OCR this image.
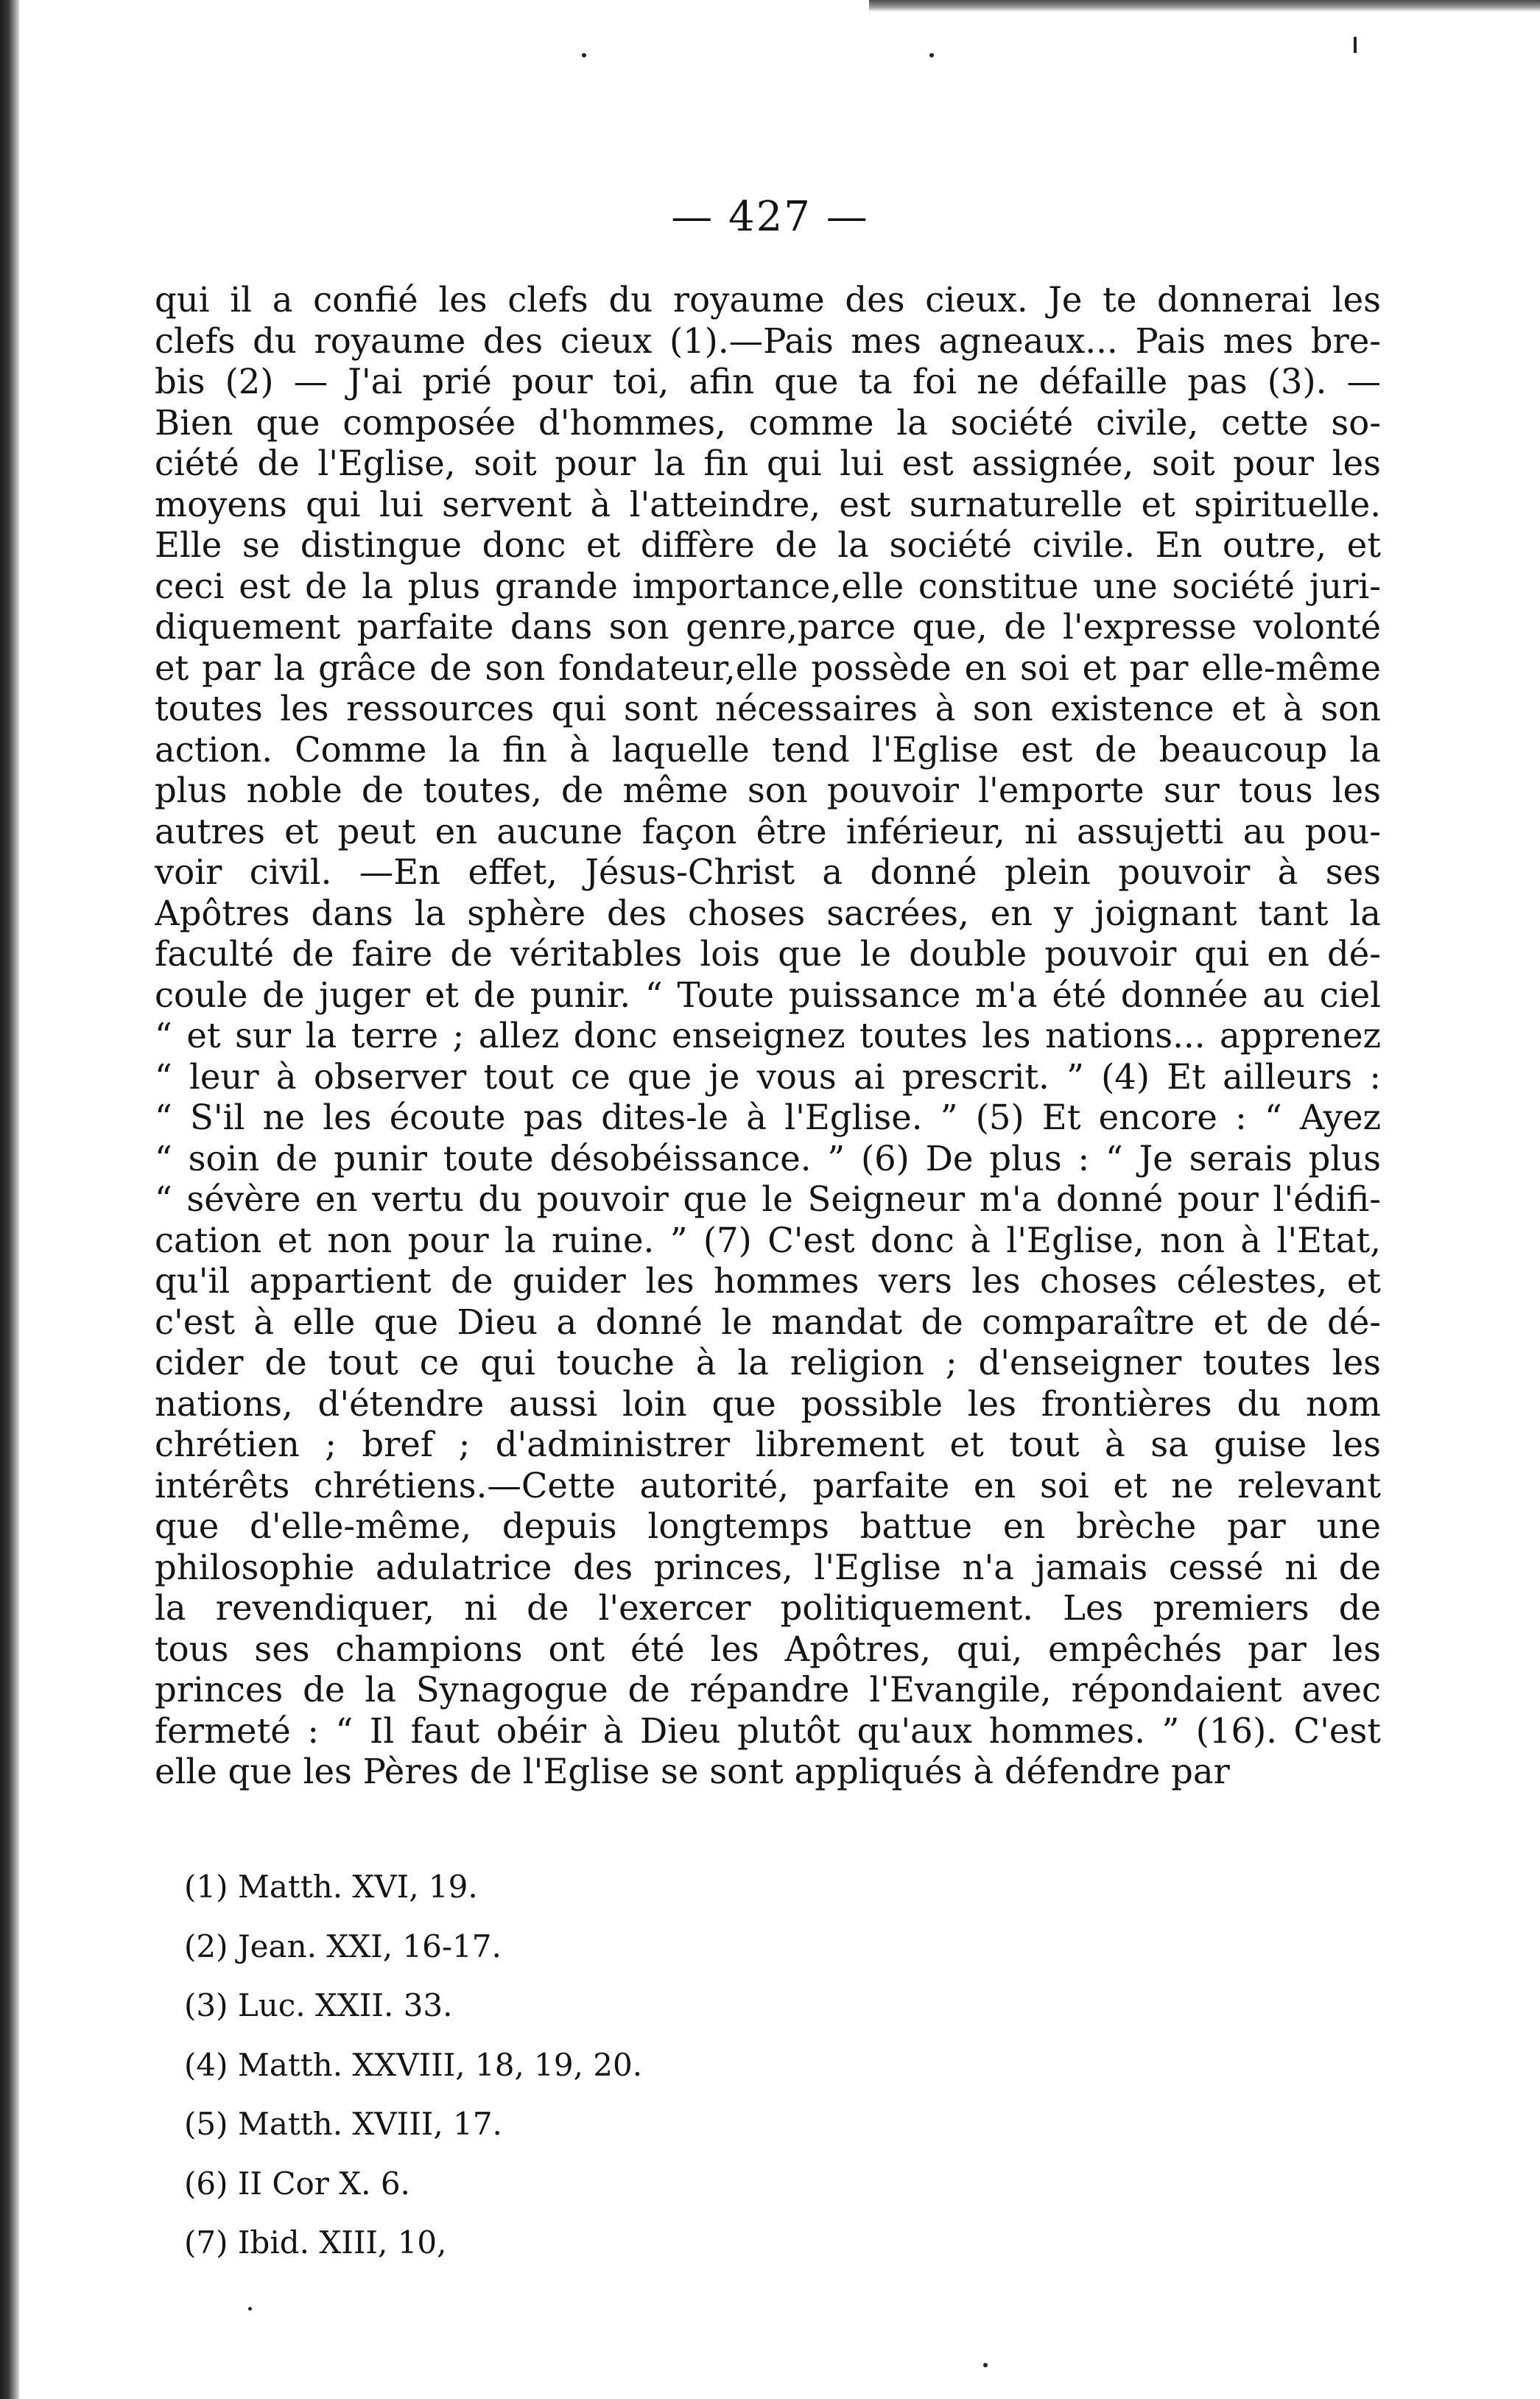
— 427 —
qui il a confié les clefs du royaume des cieux. Je te donnerai les
clefs du royaume des cieux (1).—Pais mes agneaux... Pais mes bre-
bis (2) — J'ai prié pour toi, afin que ta foi ne défaille pas (3). —
Bien que composée d'hommes, comme la société civile, cette so-
ciété de l'Eglise, soit pour la fin qui lui est assignée, soit pour les
moyens qui lui servent à l'atteindre, est surnaturelle et spirituelle.
Elle se distingue donc et diffère de la société civile. En outre, et
ceci est de la plus grande importance,elle constitue une société juri-
diquement parfaite dans son genre,parce que, de l'expresse volonté
et par la grâce de son fondateur,elle possède en soi et par elle-même
toutes les ressources qui sont nécessaires à son existence et à son
action. Comme la fin à laquelle tend l'Eglise est de beaucoup la
plus noble de toutes, de même son pouvoir l'emporte sur tous les
autres et peut en aucune façon être inférieur, ni assujetti au pou-
voir civil. —En effet, Jésus-Christ a donné plein pouvoir à ses
Apôtres dans la sphère des choses sacrées, en y joignant tant la
faculté de faire de véritables lois que le double pouvoir qui en dé-
coule de juger et de punir. “ Toute puissance m'a été donnée au ciel
“ et sur la terre ; allez donc enseignez toutes les nations... apprenez
“ leur à observer tout ce que je vous ai prescrit. ” (4) Et ailleurs :
“ S'il ne les écoute pas dites-le à l'Eglise. ” (5) Et encore : “ Ayez
“ soin de punir toute désobéissance. ” (6) De plus : “ Je serais plus
“ sévère en vertu du pouvoir que le Seigneur m'a donné pour l'édifi-
cation et non pour la ruine. ” (7) C'est donc à l'Eglise, non à l'Etat,
qu'il appartient de guider les hommes vers les choses célestes, et
c'est à elle que Dieu a donné le mandat de comparaître et de dé-
cider de tout ce qui touche à la religion ; d'enseigner toutes les
nations, d'étendre aussi loin que possible les frontières du nom
chrétien ; bref ; d'administrer librement et tout à sa guise les
intérêts chrétiens.—Cette autorité, parfaite en soi et ne relevant
que d'elle-même, depuis longtemps battue en brèche par une
philosophie adulatrice des princes, l'Eglise n'a jamais cessé ni de
la revendiquer, ni de l'exercer politiquement. Les premiers de
tous ses champions ont été les Apôtres, qui, empêchés par les
princes de la Synagogue de répandre l'Evangile, répondaient avec
fermeté : “ Il faut obéir à Dieu plutôt qu'aux hommes. ” (16). C'est
elle que les Pères de l'Eglise se sont appliqués à défendre par
(1) Matth. XVI, 19.
(2) Jean. XXI, 16-17.
(3) Luc. XXII. 33.
(4) Matth. XXVIII, 18, 19, 20.
(5) Matth. XVIII, 17.
(6) II Cor X. 6.
(7) Ibid. XIII, 10,
